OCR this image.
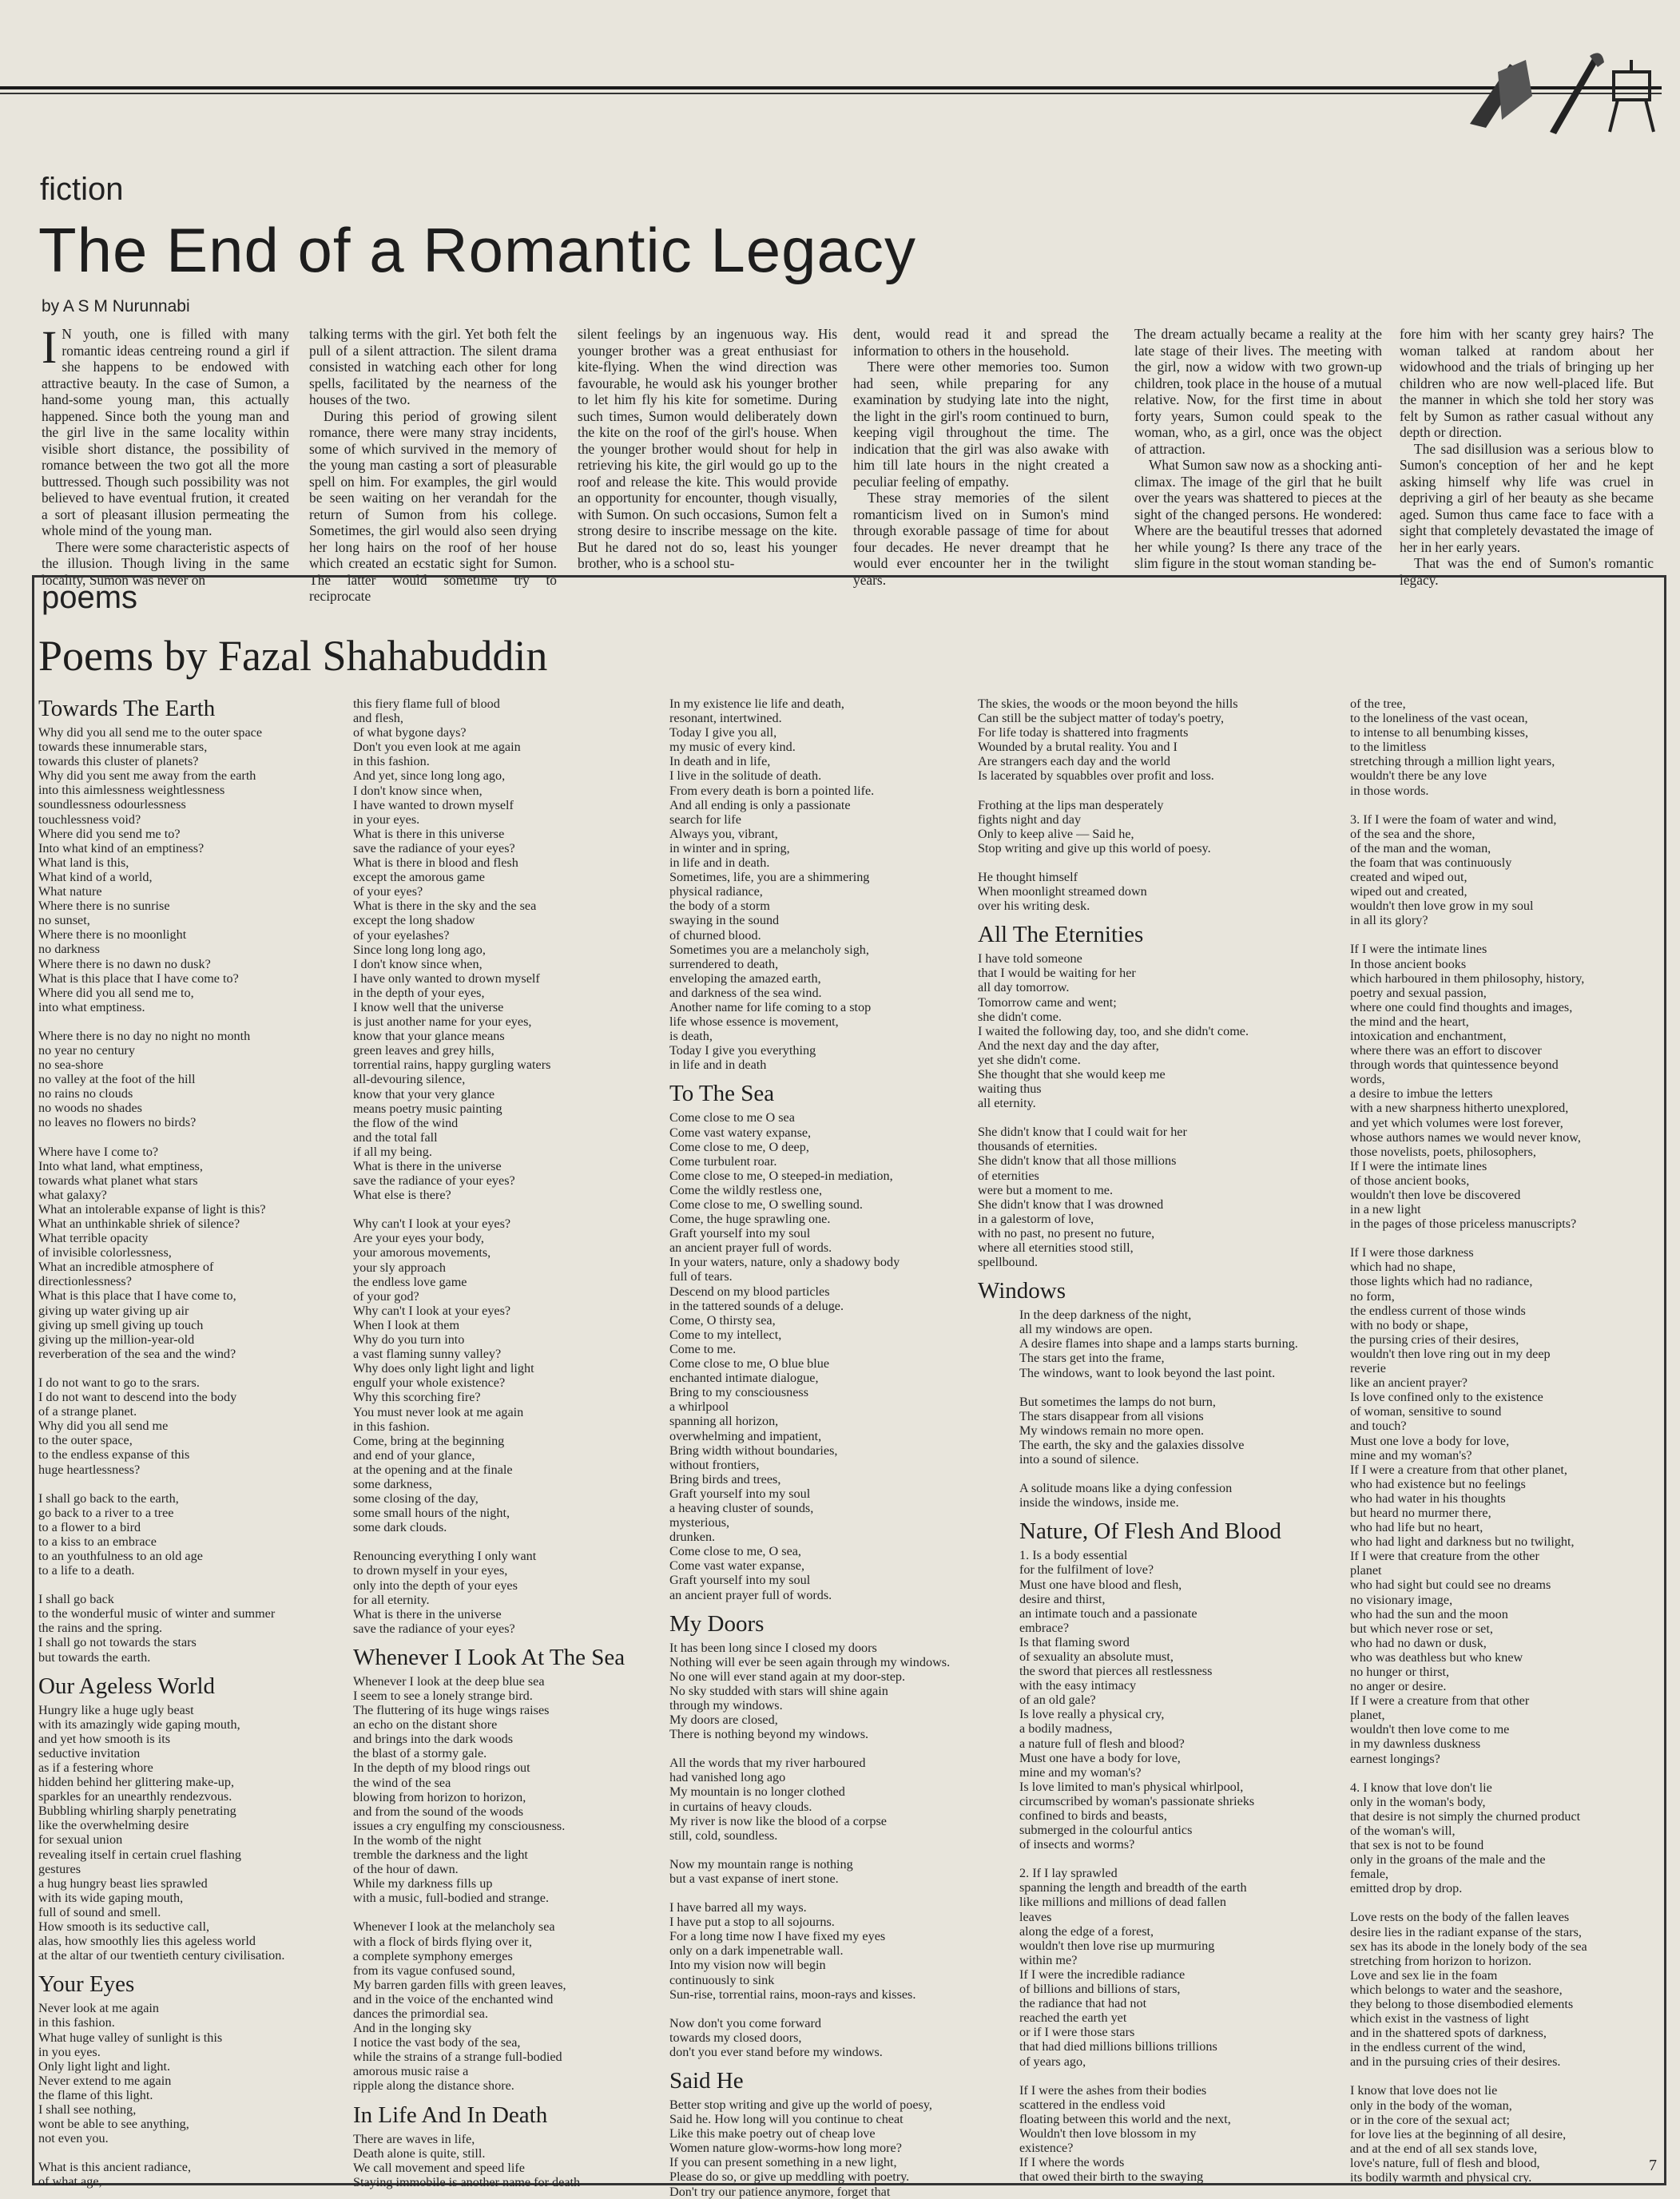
fiction
The End of a Romantic Legacy
by A S M Nurunnabi

I N youth, one is filled with many romantic ideas centreing round a girl if she happens to be endowed with attractive beauty. In the case of Sumon, a hand-some young man, this actually happened. Since both the young man and the girl live in the same locality within visible short distance, the possibility of romance between the two got all the more buttressed. Though such possibility was not believed to have eventual frution, it created a sort of pleasant illusion permeating the whole mind of the young man.

There were some characteristic aspects of the illusion. Though living in the same locality, Sumon was never on

talking terms with the girl. Yet both felt the pull of a silent attraction. The silent drama consisted in watching each other for long spells, facilitated by the nearness of the houses of the two.

During this period of growing silent romance, there were many stray incidents, some of which survived in the memory of the young man casting a sort of pleasurable spell on him. For examples, the girl would be seen waiting on her verandah for the return of Sumon from his college. Sometimes, the girl would also seen drying her long hairs on the roof of her house which created an ecstatic sight for Sumon. The latter would sometime try to reciprocate

silent feelings by an ingenuous way. His younger brother was a great enthusiast for kite-flying. When the wind direction was favourable, he would ask his younger brother to let him fly his kite for sometime. During such times, Sumon would deliberately down the kite on the roof of the girl's house. When the younger brother would shout for help in retrieving his kite, the girl would go up to the roof and release the kite. This would provide an opportunity for encounter, though visually, with Sumon. On such occasions, Sumon felt a strong desire to inscribe message on the kite. But he dared not do so, least his younger brother, who is a school stu-

dent, would read it and spread the information to others in the household.

There were other memories too. Sumon had seen, while preparing for any examination by studying late into the night, the light in the girl's room continued to burn, keeping vigil throughout the time. The indication that the girl was also awake with him till late hours in the night created a peculiar feeling of empathy.

These stray memories of the silent romanticism lived on in Sumon's mind through exorable passage of time for about four decades. He never dreampt that he would ever encounter her in the twilight years.

The dream actually became a reality at the late stage of their lives. The meeting with the girl, now a widow with two grown-up children, took place in the house of a mutual relative. Now, for the first time in about forty years, Sumon could speak to the woman, who, as a girl, once was the object of attraction.

What Sumon saw now as a shocking anti-climax. The image of the girl that he built over the years was shattered to pieces at the sight of the changed persons. He wondered: Where are the beautiful tresses that adorned her while young? Is there any trace of the slim figure in the stout woman standing be-

fore him with her scanty grey hairs? The woman talked at random about her widowhood and the trials of bringing up her children who are now well-placed life. But the manner in which she told her story was felt by Sumon as rather casual without any depth or direction.

The sad disillusion was a serious blow to Sumon's conception of her and he kept asking himself why life was cruel in depriving a girl of her beauty as she became aged. Sumon thus came face to face with a sight that completely devastated the image of her in her early years.

That was the end of Sumon's romantic legacy.

poems
Poems by Fazal Shahabuddin
Towards The Earth
Why did you all send me to the outer space
towards these innumerable stars,
towards this cluster of planets?
Why did you sent me away from the earth
into this aimlessness weightlessness
soundlessness odourlessness
touchlessness void?
Where did you send me to?
Into what kind of an emptiness?
What land is this,
What kind of a world,
What nature
Where there is no sunrise
no sunset,
Where there is no moonlight
no darkness
Where there is no dawn no dusk?
What is this place that I have come to?
Where did you all send me to,
into what emptiness.
Where there is no day no night no month
no year no century
no sea-shore
no valley at the foot of the hill
no rains no clouds
no woods no shades
no leaves no flowers no birds?
Where have I come to?
Into what land, what emptiness,
towards what planet what stars
what galaxy?
What an intolerable expanse of light is this?
What an unthinkable shriek of silence?
What terrible opacity
of invisible colorlessness,
What an incredible atmosphere of
directionlessness?
What is this place that I have come to,
giving up water giving up air
giving up smell giving up touch
giving up the million-year-old
reverberation of the sea and the wind?
I do not want to go to the srars.
I do not want to descend into the body
of a strange planet.
Why did you all send me
to the outer space,
to the endless expanse of this
huge heartlessness?
I shall go back to the earth,
go back to a river to a tree
to a flower to a bird
to a kiss to an embrace
to an youthfulness to an old age
to a life to a death.
I shall go back
to the wonderful music of winter and summer
the rains and the spring.
I shall go not towards the stars
but towards the earth.
Our Ageless World
Hungry like a huge ugly beast
with its amazingly wide gaping mouth,
and yet how smooth is its
seductive invitation
as if a festering whore
hidden behind her glittering make-up,
sparkles for an unearthly rendezvous.
Bubbling whirling sharply penetrating
like the overwhelming desire
for sexual union
revealing itself in certain cruel flashing
gestures
a hug hungry beast lies sprawled
with its wide gaping mouth,
full of sound and smell.
How smooth is its seductive call,
alas, how smoothly lies this ageless world
at the altar of our twentieth century civilisation.
Your Eyes
Never look at me again
in this fashion.
What huge valley of sunlight is this
in you eyes.
Only light light and light.
Never extend to me again
the flame of this light.
I shall see nothing,
wont be able to see anything,
not even you.
What is this ancient radiance,
of what age,
this fiery flame full of blood
and flesh,
of what bygone days?
Don't you even look at me again
in this fashion.
And yet, since long long ago,
I don't know since when,
I have wanted to drown myself
in your eyes.
What is there in this universe
save the radiance of your eyes?
What is there in blood and flesh
except the amorous game
of your eyes?
What is there in the sky and the sea
except the long shadow
of your eyelashes?
Since long long long ago,
I don't know since when,
I have only wanted to drown myself
in the depth of your eyes,
I know well that the universe
is just another name for your eyes,
know that your glance means
green leaves and grey hills,
torrential rains, happy gurgling waters
all-devouring silence,
know that your very glance
means poetry music painting
the flow of the wind
and the total fall
if all my being.
What is there in the universe
save the radiance of your eyes?
What else is there?
Why can't I look at your eyes?
Are your eyes your body,
your amorous movements,
your sly approach
the endless love game
of your god?
Why can't I look at your eyes?
When I look at them
Why do you turn into
a vast flaming sunny valley?
Why does only light light and light
engulf your whole existence?
Why this scorching fire?
You must never look at me again
in this fashion.
Come, bring at the beginning
and end of your glance,
at the opening and at the finale
some darkness,
some closing of the day,
some small hours of the night,
some dark clouds.
Renouncing everything I only want
to drown myself in your eyes,
only into the depth of your eyes
for all eternity.
What is there in the universe
save the radiance of your eyes?
Whenever I Look At The Sea
Whenever I look at the deep blue sea
I seem to see a lonely strange bird.
The fluttering of its huge wings raises
an echo on the distant shore
and brings into the dark woods
the blast of a stormy gale.
In the depth of my blood rings out
the wind of the sea
blowing from horizon to horizon,
and from the sound of the woods
issues a cry engulfing my consciousness.
In the womb of the night
tremble the darkness and the light
of the hour of dawn.
While my darkness fills up
with a music, full-bodied and strange.
Whenever I look at the melancholy sea
with a flock of birds flying over it,
a complete symphony emerges
from its vague confused sound,
My barren garden fills with green leaves,
and in the voice of the enchanted wind
dances the primordial sea.
And in the longing sky
I notice the vast body of the sea,
while the strains of a strange full-bodied
amorous music raise a
ripple along the distance shore.
In Life And In Death
There are waves in life,
Death alone is quite, still.
We call movement and speed life
Staying immobile is another name for death
In my existence lie life and death,
resonant, intertwined.
Today I give you all,
my music of every kind.
In death and in life,
I live in the solitude of death.
From every death is born a pointed life.
And all ending is only a passionate
search for life
Always you, vibrant,
in winter and in spring,
in life and in death.
Sometimes, life, you are a shimmering
physical radiance,
the body of a storm
swaying in the sound
of churned blood.
Sometimes you are a melancholy sigh,
surrendered to death,
enveloping the amazed earth,
and darkness of the sea wind.
Another name for life coming to a stop
life whose essence is movement,
is death,
Today I give you everything
in life and in death
To The Sea
Come close to me O sea
Come vast watery expanse,
Come close to me, O deep,
Come turbulent roar.
Come close to me, O steeped-in mediation,
Come the wildly restless one,
Come close to me, O swelling sound.
Come, the huge sprawling one.
Graft yourself into my soul
an ancient prayer full of words.
In your waters, nature, only a shadowy body
full of tears.
Descend on my blood particles
in the tattered sounds of a deluge.
Come, O thirsty sea,
Come to my intellect,
Come to me.
Come close to me, O blue blue
enchanted intimate dialogue,
Bring to my consciousness
a whirlpool
spanning all horizon,
overwhelming and impatient,
Bring width without boundaries,
without frontiers,
Bring birds and trees,
Graft yourself into my soul
a heaving cluster of sounds,
mysterious,
drunken.
Come close to me, O sea,
Come vast water expanse,
Graft yourself into my soul
an ancient prayer full of words.
My Doors
It has been long since I closed my doors
Nothing will ever be seen again through my windows.
No one will ever stand again at my door-step.
No sky studded with stars will shine again
through my windows.
My doors are closed,
There is nothing beyond my windows.
All the words that my river harboured
had vanished long ago
My mountain is no longer clothed
in curtains of heavy clouds.
My river is now like the blood of a corpse
still, cold, soundless.
Now my mountain range is nothing
but a vast expanse of inert stone.
I have barred all my ways.
I have put a stop to all sojourns.
For a long time now I have fixed my eyes
only on a dark impenetrable wall.
Into my vision now will begin
continuously to sink
Sun-rise, torrential rains, moon-rays and kisses.
Now don't you come forward
towards my closed doors,
don't you ever stand before my windows.
Said He
Better stop writing and give up the world of poesy,
Said he. How long will you continue to cheat
Like this make poetry out of cheap love
Women nature glow-worms-how long more?
If you can present something in a new light,
Please do so, or give up meddling with poetry.
Don't try our patience anymore, forget that
The skies, the woods or the moon beyond the hills
Can still be the subject matter of today's poetry,
For life today is shattered into fragments
Wounded by a brutal reality. You and I
Are strangers each day and the world
Is lacerated by squabbles over profit and loss.
Frothing at the lips man desperately
fights night and day
Only to keep alive — Said he,
Stop writing and give up this world of poesy.
He thought himself
When moonlight streamed down
over his writing desk.
All The Eternities
I have told someone
that I would be waiting for her
all day tomorrow.
Tomorrow came and went;
she didn't come.
I waited the following day, too, and she didn't come.
And the next day and the day after,
yet she didn't come.
She thought that she would keep me
waiting thus
all eternity.
She didn't know that I could wait for her
thousands of eternities.
She didn't know that all those millions
of eternities
were but a moment to me.
She didn't know that I was drowned
in a galestorm of love,
with no past, no present no future,
where all eternities stood still,
spellbound.
Windows
In the deep darkness of the night,
all my windows are open.
A desire flames into shape and a lamps starts burning.
The stars get into the frame,
The windows, want to look beyond the last point.
But sometimes the lamps do not burn,
The stars disappear from all visions
My windows remain no more open.
The earth, the sky and the galaxies dissolve
into a sound of silence.
A solitude moans like a dying confession
inside the windows, inside me.
Nature, Of Flesh And Blood
1. Is a body essential
for the fulfilment of love?
Must one have blood and flesh,
desire and thirst,
an intimate touch and a passionate
embrace?
Is that flaming sword
of sexuality an absolute must,
the sword that pierces all restlessness
with the easy intimacy
of an old gale?
Is love really a physical cry,
a bodily madness,
a nature full of flesh and blood?
Must one have a body for love,
mine and my woman's?
Is love limited to man's physical whirlpool,
circumscribed by woman's passionate shrieks
confined to birds and beasts,
submerged in the colourful antics
of insects and worms?
2. If I lay sprawled
spanning the length and breadth of the earth
like millions and millions of dead fallen
leaves
along the edge of a forest,
wouldn't then love rise up murmuring
within me?
If I were the incredible radiance
of billions and billions of stars,
the radiance that had not
reached the earth yet
or if I were those stars
that had died millions billions trillions
of years ago,
If I were the ashes from their bodies
scattered in the endless void
floating between this world and the next,
Wouldn't then love blossom in my
existence?
If I where the words
that owed their birth to the swaying
of the tree,
to the loneliness of the vast ocean,
to intense to all benumbing kisses,
to the limitless
stretching through a million light years,
wouldn't there be any love
in those words.
3. If I were the foam of water and wind,
of the sea and the shore,
of the man and the woman,
the foam that was continuously
created and wiped out,
wiped out and created,
wouldn't then love grow in my soul
in all its glory?
If I were the intimate lines
In those ancient books
which harboured in them philosophy, history,
poetry and sexual passion,
where one could find thoughts and images,
the mind and the heart,
intoxication and enchantment,
where there was an effort to discover
through words that quintessence beyond
words,
a desire to imbue the letters
with a new sharpness hitherto unexplored,
and yet which volumes were lost forever,
whose authors names we would never know,
those novelists, poets, philosophers,
If I were the intimate lines
of those ancient books,
wouldn't then love be discovered
in a new light
in the pages of those priceless manuscripts?
If I were those darkness
which had no shape,
those lights which had no radiance,
no form,
the endless current of those winds
with no body or shape,
the pursing cries of their desires,
wouldn't then love ring out in my deep
reverie
like an ancient prayer?
Is love confined only to the existence
of woman, sensitive to sound
and touch?
Must one love a body for love,
mine and my woman's?
If I were a creature from that other planet,
who had existence but no feelings
who had water in his thoughts
but heard no murmer there,
who had life but no heart,
who had light and darkness but no twilight,
If I were that creature from the other
planet
who had sight but could see no dreams
no visionary image,
who had the sun and the moon
but which never rose or set,
who had no dawn or dusk,
who was deathless but who knew
no hunger or thirst,
no anger or desire.
If I were a creature from that other
planet,
wouldn't then love come to me
in my dawnless duskness
earnest longings?
4. I know that love don't lie
only in the woman's body,
that desire is not simply the churned product
of the woman's will,
that sex is not to be found
only in the groans of the male and the
female,
emitted drop by drop.
Love rests on the body of the fallen leaves
desire lies in the radiant expanse of the stars,
sex has its abode in the lonely body of the sea
stretching from horizon to horizon.
Love and sex lie in the foam
which belongs to water and the seashore,
they belong to those disembodied elements
which exist in the vastness of light
and in the shattered spots of darkness,
in the endless current of the wind,
and in the pursuing cries of their desires.
I know that love does not lie
only in the body of the woman,
or in the core of the sexual act;
for love lies at the beginning of all desire,
and at the end of all sex stands love,
love's nature, full of flesh and blood,
its bodily warmth and physical cry.
7
